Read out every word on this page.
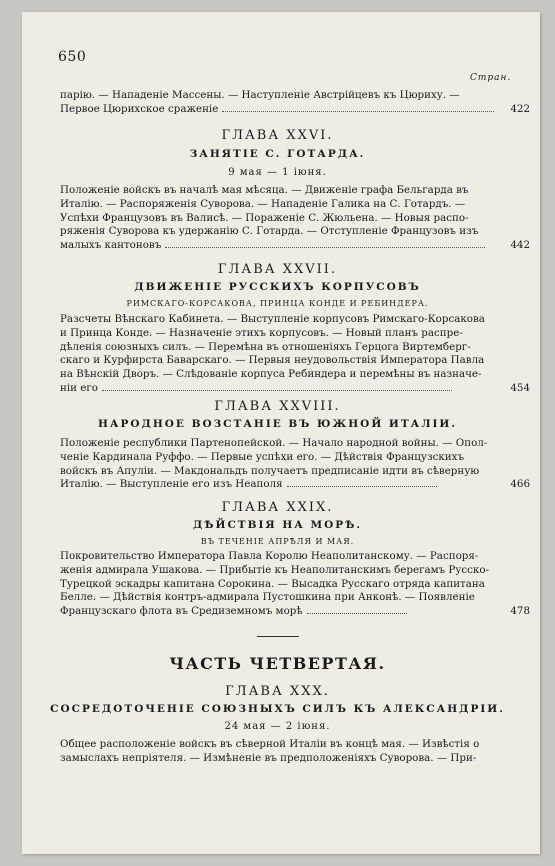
650
Стран.
парію. — Нападеніе Массены. — Наступленіе Австрійцевъ къ Цюриху. —
Первое Цюрихское сраженіе	422
ГЛАВА XXVI.
ЗАНЯТІЕ С. ГОТАРДА.
9 мая — 1 іюня.
Положеніе войскъ въ началѣ мая мѣсяца. — Движеніе графа Бельгарда въ
Италію. — Распоряженія Суворова. — Нападеніе Галика на С. Готардъ. —
Успѣхи Французовъ въ Валисѣ. — Пораженіе С. Жюльена. — Новыя распо-
ряженія Суворова къ удержанію С. Готарда. — Отступленіе Французовъ изъ
малыхъ кантоновъ	442
ГЛАВА XXVII.
ДВИЖЕНІЕ РУССКИХЪ КОРПУСОВЪ
РИМСКАГО-КОРСАКОВА, ПРИНЦА КОНДЕ И РЕБИНДЕРА.
Разсчеты Вѣнскаго Кабинета. — Выступленіе корпусовъ Римскаго-Корсакова
и Принца Конде. — Назначеніе этихъ корпусовъ. — Новый планъ распре-
дѣленія союзныхъ силъ. — Перемѣна въ отношеніяхъ Герцога Виртемберг-
скаго и Курфирста Баварскаго. — Первыя неудовольствія Императора Павла
на Вѣнскій Дворъ. — Слѣдованіе корпуса Ребиндера и перемѣны въ назначе-
ніи его	454
ГЛАВА XXVIII.
НАРОДНОЕ ВОЗСТАНІЕ ВЪ ЮЖНОЙ ИТАЛІИ.
Положеніе республики Партенопейской. — Начало народной войны. — Опол-
ченіе Кардинала Руффо. — Первые успѣхи его. — Дѣйствія Французскихъ
войскъ въ Апуліи. — Макдональдъ получаетъ предписаніе идти въ сѣверную
Италію. — Выступленіе его изъ Неаполя	466
ГЛАВА XXIX.
ДѢЙСТВІЯ НА МОРѢ.
ВЪ ТЕЧЕНІЕ АПРѢЛЯ И МАЯ.
Покровительство Императора Павла Королю Неаполитанскому. — Распоря-
женія адмирала Ушакова. — Прибытіе къ Неаполитанскимъ берегамъ Русско-
Турецкой эскадры капитана Сорокина. — Высадка Русскаго отряда капитана
Белле. — Дѣйствія контръ-адмирала Пустошкина при Анконѣ. — Появленіе
Французскаго флота въ Средиземномъ морѣ	478
ЧАСТЬ ЧЕТВЕРТАЯ.
ГЛАВА XXX.
СОСРЕДОТОЧЕНІЕ СОЮЗНЫХЪ СИЛЪ КЪ АЛЕКСАНДРІИ.
24 мая — 2 іюня.
Общее расположеніе войскъ въ сѣверной Италіи въ концѣ мая. — Извѣстія о
замыслахъ непріятеля. — Измѣненіе въ предположеніяхъ Суворова. — При-
